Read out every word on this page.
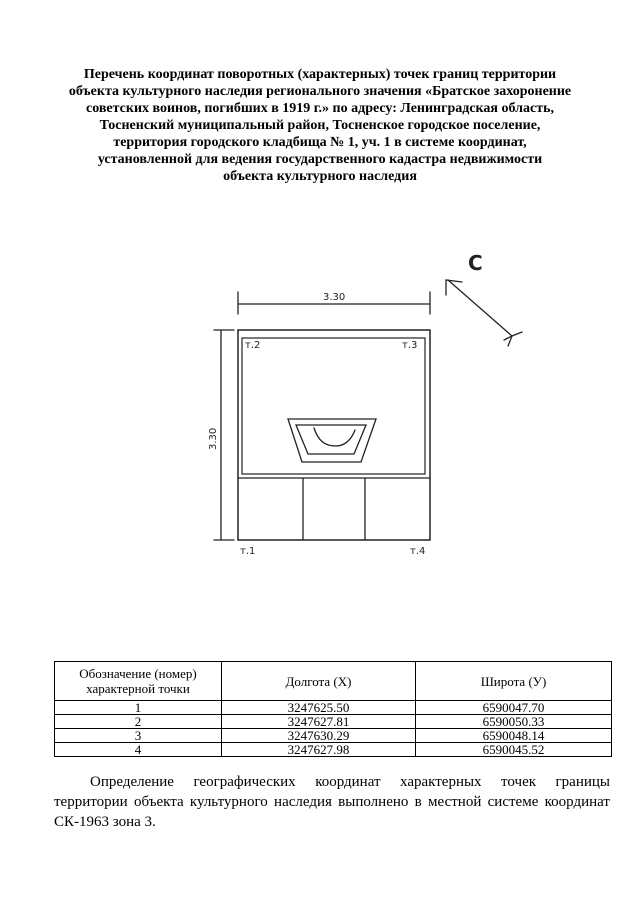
Перечень координат поворотных (характерных) точек границ территории
объекта культурного наследия регионального значения «Братское захоронение
советских воинов, погибших в 1919 г.» по адресу: Ленинградская область,
Тосненский муниципальный район, Тосненское городское поселение,
территория городского кладбища № 1, уч. 1 в системе координат,
установленной для ведения государственного кадастра недвижимости
объекта культурного наследия
С
3.30
3.30
т.1
т.2	т.3
т.4
Обозначение (номер) характерной точки	Долгота (X)	Широта (У)
1	3247625.50	6590047.70
2	3247627.81	6590050.33
3	3247630.29	6590048.14
4	3247627.98	6590045.52
Определение географических координат характерных точек границы
территории объекта культурного наследия выполнено в местной системе координат
СК-1963 зона 3.
